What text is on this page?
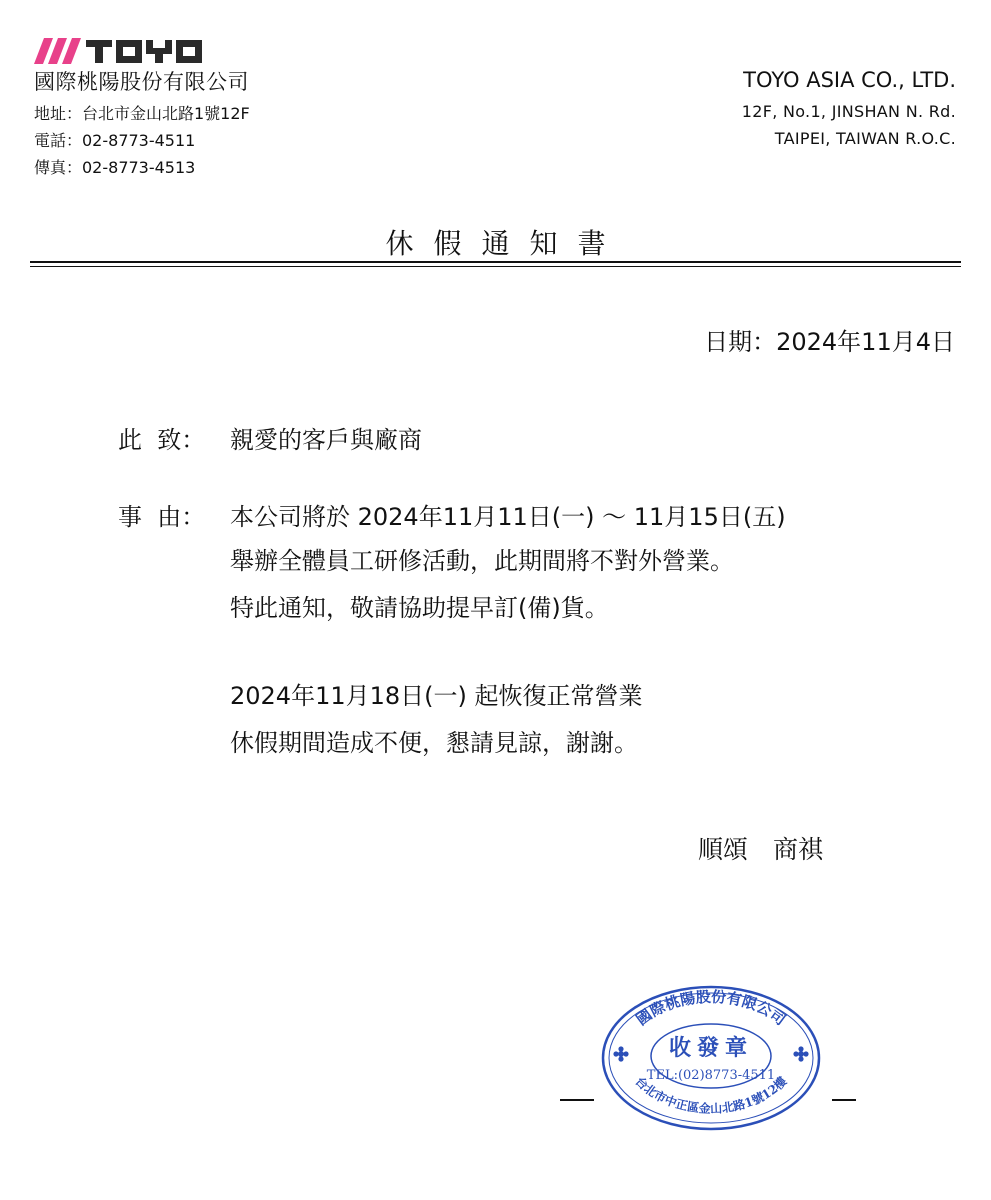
國際桃陽股份有限公司
地址：台北市金山北路1號12F
電話：02-8773-4511
傳真：02-8773-4513
TOYO ASIA CO., LTD.
12F, No.1, JINSHAN N. Rd.
TAIPEI, TAIWAN R.O.C.
休假通知書
日期：2024年11月4日
此  致： 親愛的客戶與廠商
事  由： 本公司將於 2024年11月11日(一) ～ 11月15日(五)
舉辦全體員工研修活動，此期間將不對外營業。
特此通知，敬請協助提早訂(備)貨。
2024年11月18日(一) 起恢復正常營業
休假期間造成不便，懇請見諒，謝謝。
順頌　商祺
國際桃陽股份有限公司
收發章
TEL:(02)8773-4511
台北市中正區金山北路1號12樓
